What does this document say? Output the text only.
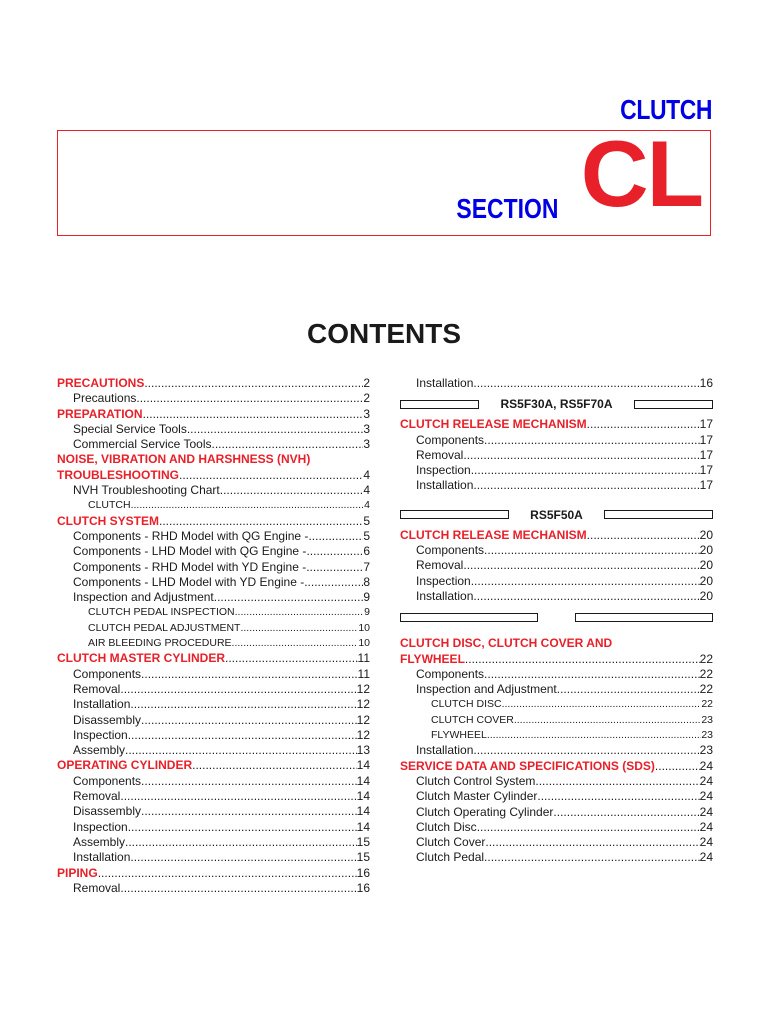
CLUTCH
SECTION CL
CONTENTS
PRECAUTIONS .....	2
Precautions .....	2
PREPARATION .....	3
Special Service Tools .....	3
Commercial Service Tools .....	3
NOISE, VIBRATION AND HARSHNESS (NVH)
TROUBLESHOOTING .....	4
NVH Troubleshooting Chart .....	4
CLUTCH .....	4
CLUTCH SYSTEM .....	5
Components - RHD Model with QG Engine - .....	5
Components - LHD Model with QG Engine - .....	6
Components - RHD Model with YD Engine - .....	7
Components - LHD Model with YD Engine - .....	8
Inspection and Adjustment .....	9
CLUTCH PEDAL INSPECTION .....	9
CLUTCH PEDAL ADJUSTMENT .....	10
AIR BLEEDING PROCEDURE .....	10
CLUTCH MASTER CYLINDER .....	11
Components .....	11
Removal .....	12
Installation .....	12
Disassembly .....	12
Inspection .....	12
Assembly .....	13
OPERATING CYLINDER .....	14
Components .....	14
Removal .....	14
Disassembly .....	14
Inspection .....	14
Assembly .....	15
Installation .....	15
PIPING .....	16
Removal .....	16
Installation .....	16
RS5F30A, RS5F70A
CLUTCH RELEASE MECHANISM .....	17
Components .....	17
Removal .....	17
Inspection .....	17
Installation .....	17
RS5F50A
CLUTCH RELEASE MECHANISM .....	20
Components .....	20
Removal .....	20
Inspection .....	20
Installation .....	20
CLUTCH DISC, CLUTCH COVER AND
FLYWHEEL .....	22
Components .....	22
Inspection and Adjustment .....	22
CLUTCH DISC .....	22
CLUTCH COVER .....	23
FLYWHEEL .....	23
Installation .....	23
SERVICE DATA AND SPECIFICATIONS (SDS) .....	24
Clutch Control System .....	24
Clutch Master Cylinder .....	24
Clutch Operating Cylinder .....	24
Clutch Disc .....	24
Clutch Cover .....	24
Clutch Pedal .....	24
